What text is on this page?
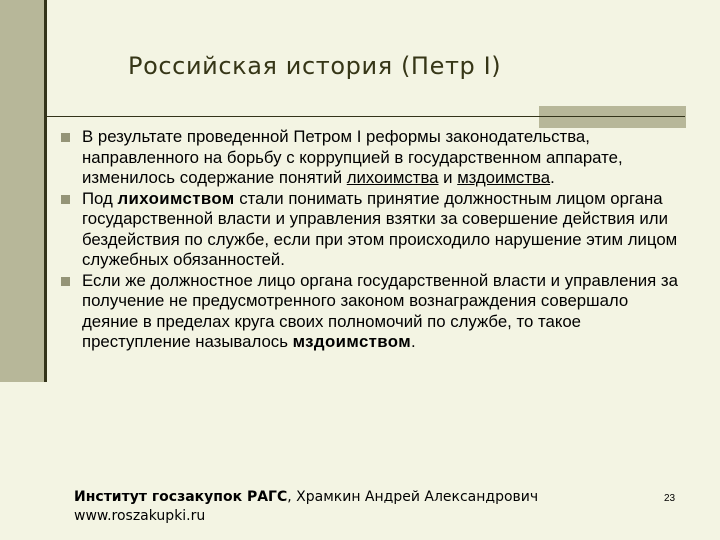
Российская история (Петр I)

В результате проведенной Петром I реформы законодательства, направленного на борьбу с коррупцией в государственном аппарате, изменилось содержание понятий лихоимства и мздоимства.

Под лихоимством стали понимать принятие должностным лицом органа государственной власти и управления взятки за совершение действия или бездействия по службе, если при этом происходило нарушение этим лицом служебных обязанностей.

Если же должностное лицо органа государственной власти и управления за получение не предусмотренного законом вознаграждения совершало деяние в пределах круга своих полномочий по службе, то такое преступление называлось мздоимством.

Институт госзакупок РАГС, Храмкин Андрей Александрович
www.roszakupki.ru
23
